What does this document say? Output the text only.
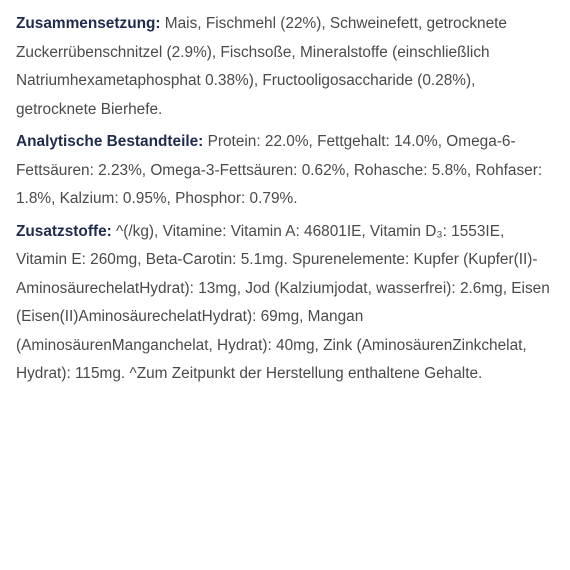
Zusammensetzung: Mais, Fischmehl (22%), Schweinefett, getrocknete Zuckerrübenschnitzel (2.9%), Fischsoße, Mineralstoffe (einschließlich Natriumhexametaphosphat 0.38%), Fructooligosaccharide (0.28%), getrocknete Bierhefe.

Analytische Bestandteile: Protein: 22.0%, Fettgehalt: 14.0%, Omega-6-Fettsäuren: 2.23%, Omega-3-Fettsäuren: 0.62%, Rohasche: 5.8%, Rohfaser: 1.8%, Kalzium: 0.95%, Phosphor: 0.79%.

Zusatzstoffe: ^(/kg), Vitamine: Vitamin A: 46801IE, Vitamin D₃: 1553IE, Vitamin E: 260mg, Beta-Carotin: 5.1mg. Spurenelemente: Kupfer (Kupfer(II)-AminosäurechelatHydrat): 13mg, Jod (Kalziumjodat, wasserfrei): 2.6mg, Eisen (Eisen(II)AminosäurechelatHydrat): 69mg, Mangan (AminosäurenManganchelat, Hydrat): 40mg, Zink (AminosäurenZinkchelat, Hydrat): 115mg. ^Zum Zeitpunkt der Herstellung enthaltene Gehalte.
